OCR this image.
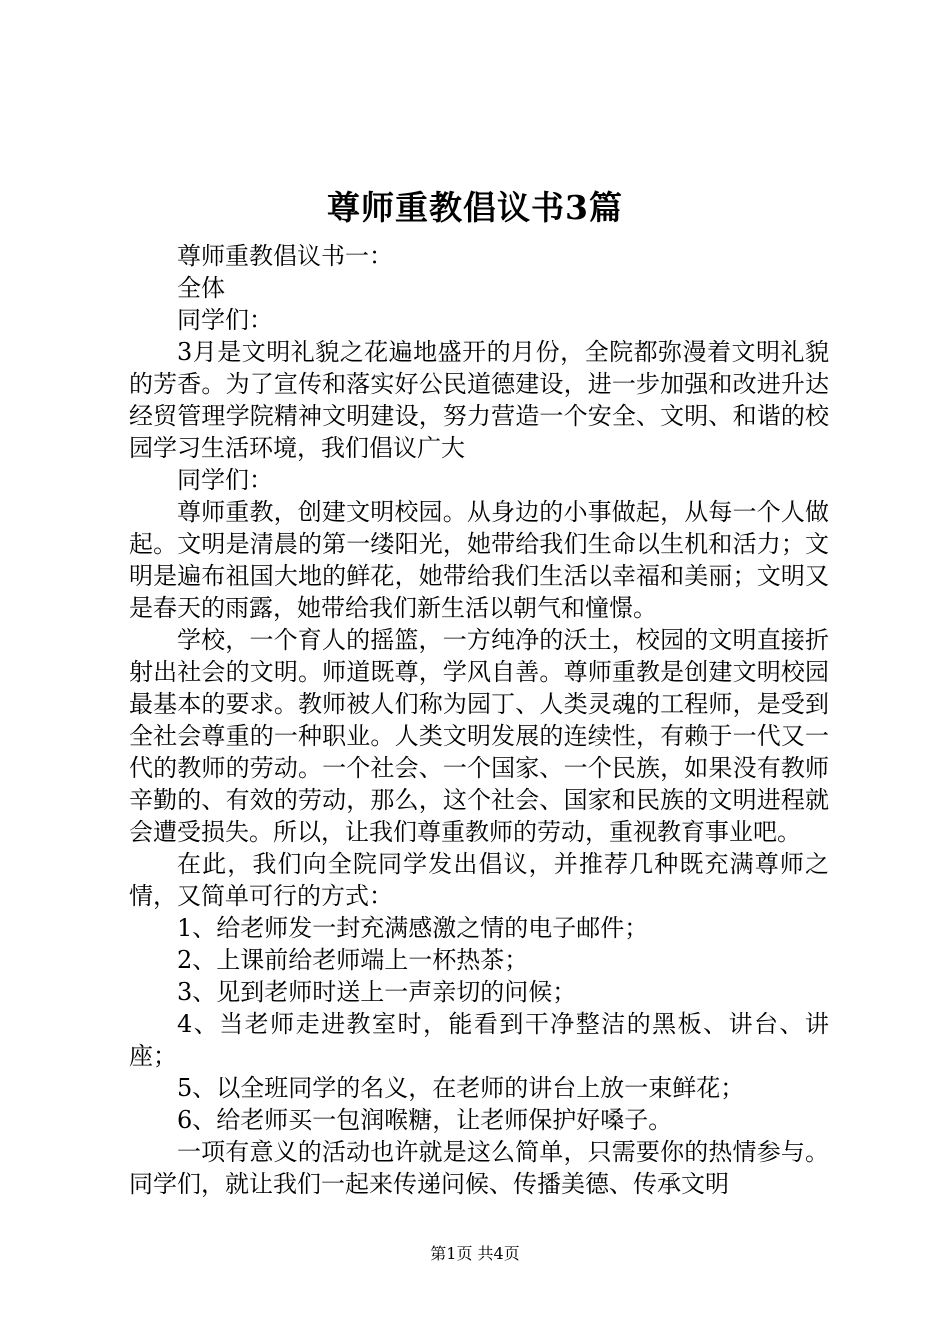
尊师重教倡议书3篇

尊师重教倡议书一：

全体

同学们：

3月是文明礼貌之花遍地盛开的月份，全院都弥漫着文明礼貌的芳香。为了宣传和落实好公民道德建设，进一步加强和改进升达经贸管理学院精神文明建设，努力营造一个安全、文明、和谐的校园学习生活环境，我们倡议广大

同学们：

尊师重教，创建文明校园。从身边的小事做起，从每一个人做起。文明是清晨的第一缕阳光，她带给我们生命以生机和活力；文明是遍布祖国大地的鲜花，她带给我们生活以幸福和美丽；文明又是春天的雨露，她带给我们新生活以朝气和憧憬。

学校，一个育人的摇篮，一方纯净的沃土，校园的文明直接折射出社会的文明。师道既尊，学风自善。尊师重教是创建文明校园最基本的要求。教师被人们称为园丁、人类灵魂的工程师，是受到全社会尊重的一种职业。人类文明发展的连续性，有赖于一代又一代的教师的劳动。一个社会、一个国家、一个民族，如果没有教师辛勤的、有效的劳动，那么，这个社会、国家和民族的文明进程就会遭受损失。所以，让我们尊重教师的劳动，重视教育事业吧。

在此，我们向全院同学发出倡议，并推荐几种既充满尊师之情，又简单可行的方式：

1、给老师发一封充满感激之情的电子邮件；

2、上课前给老师端上一杯热茶；

3、见到老师时送上一声亲切的问候；

4、当老师走进教室时，能看到干净整洁的黑板、讲台、讲座；

5、以全班同学的名义，在老师的讲台上放一束鲜花；

6、给老师买一包润喉糖，让老师保护好嗓子。

一项有意义的活动也许就是这么简单，只需要你的热情参与。同学们，就让我们一起来传递问候、传播美德、传承文明

第1页 共4页
